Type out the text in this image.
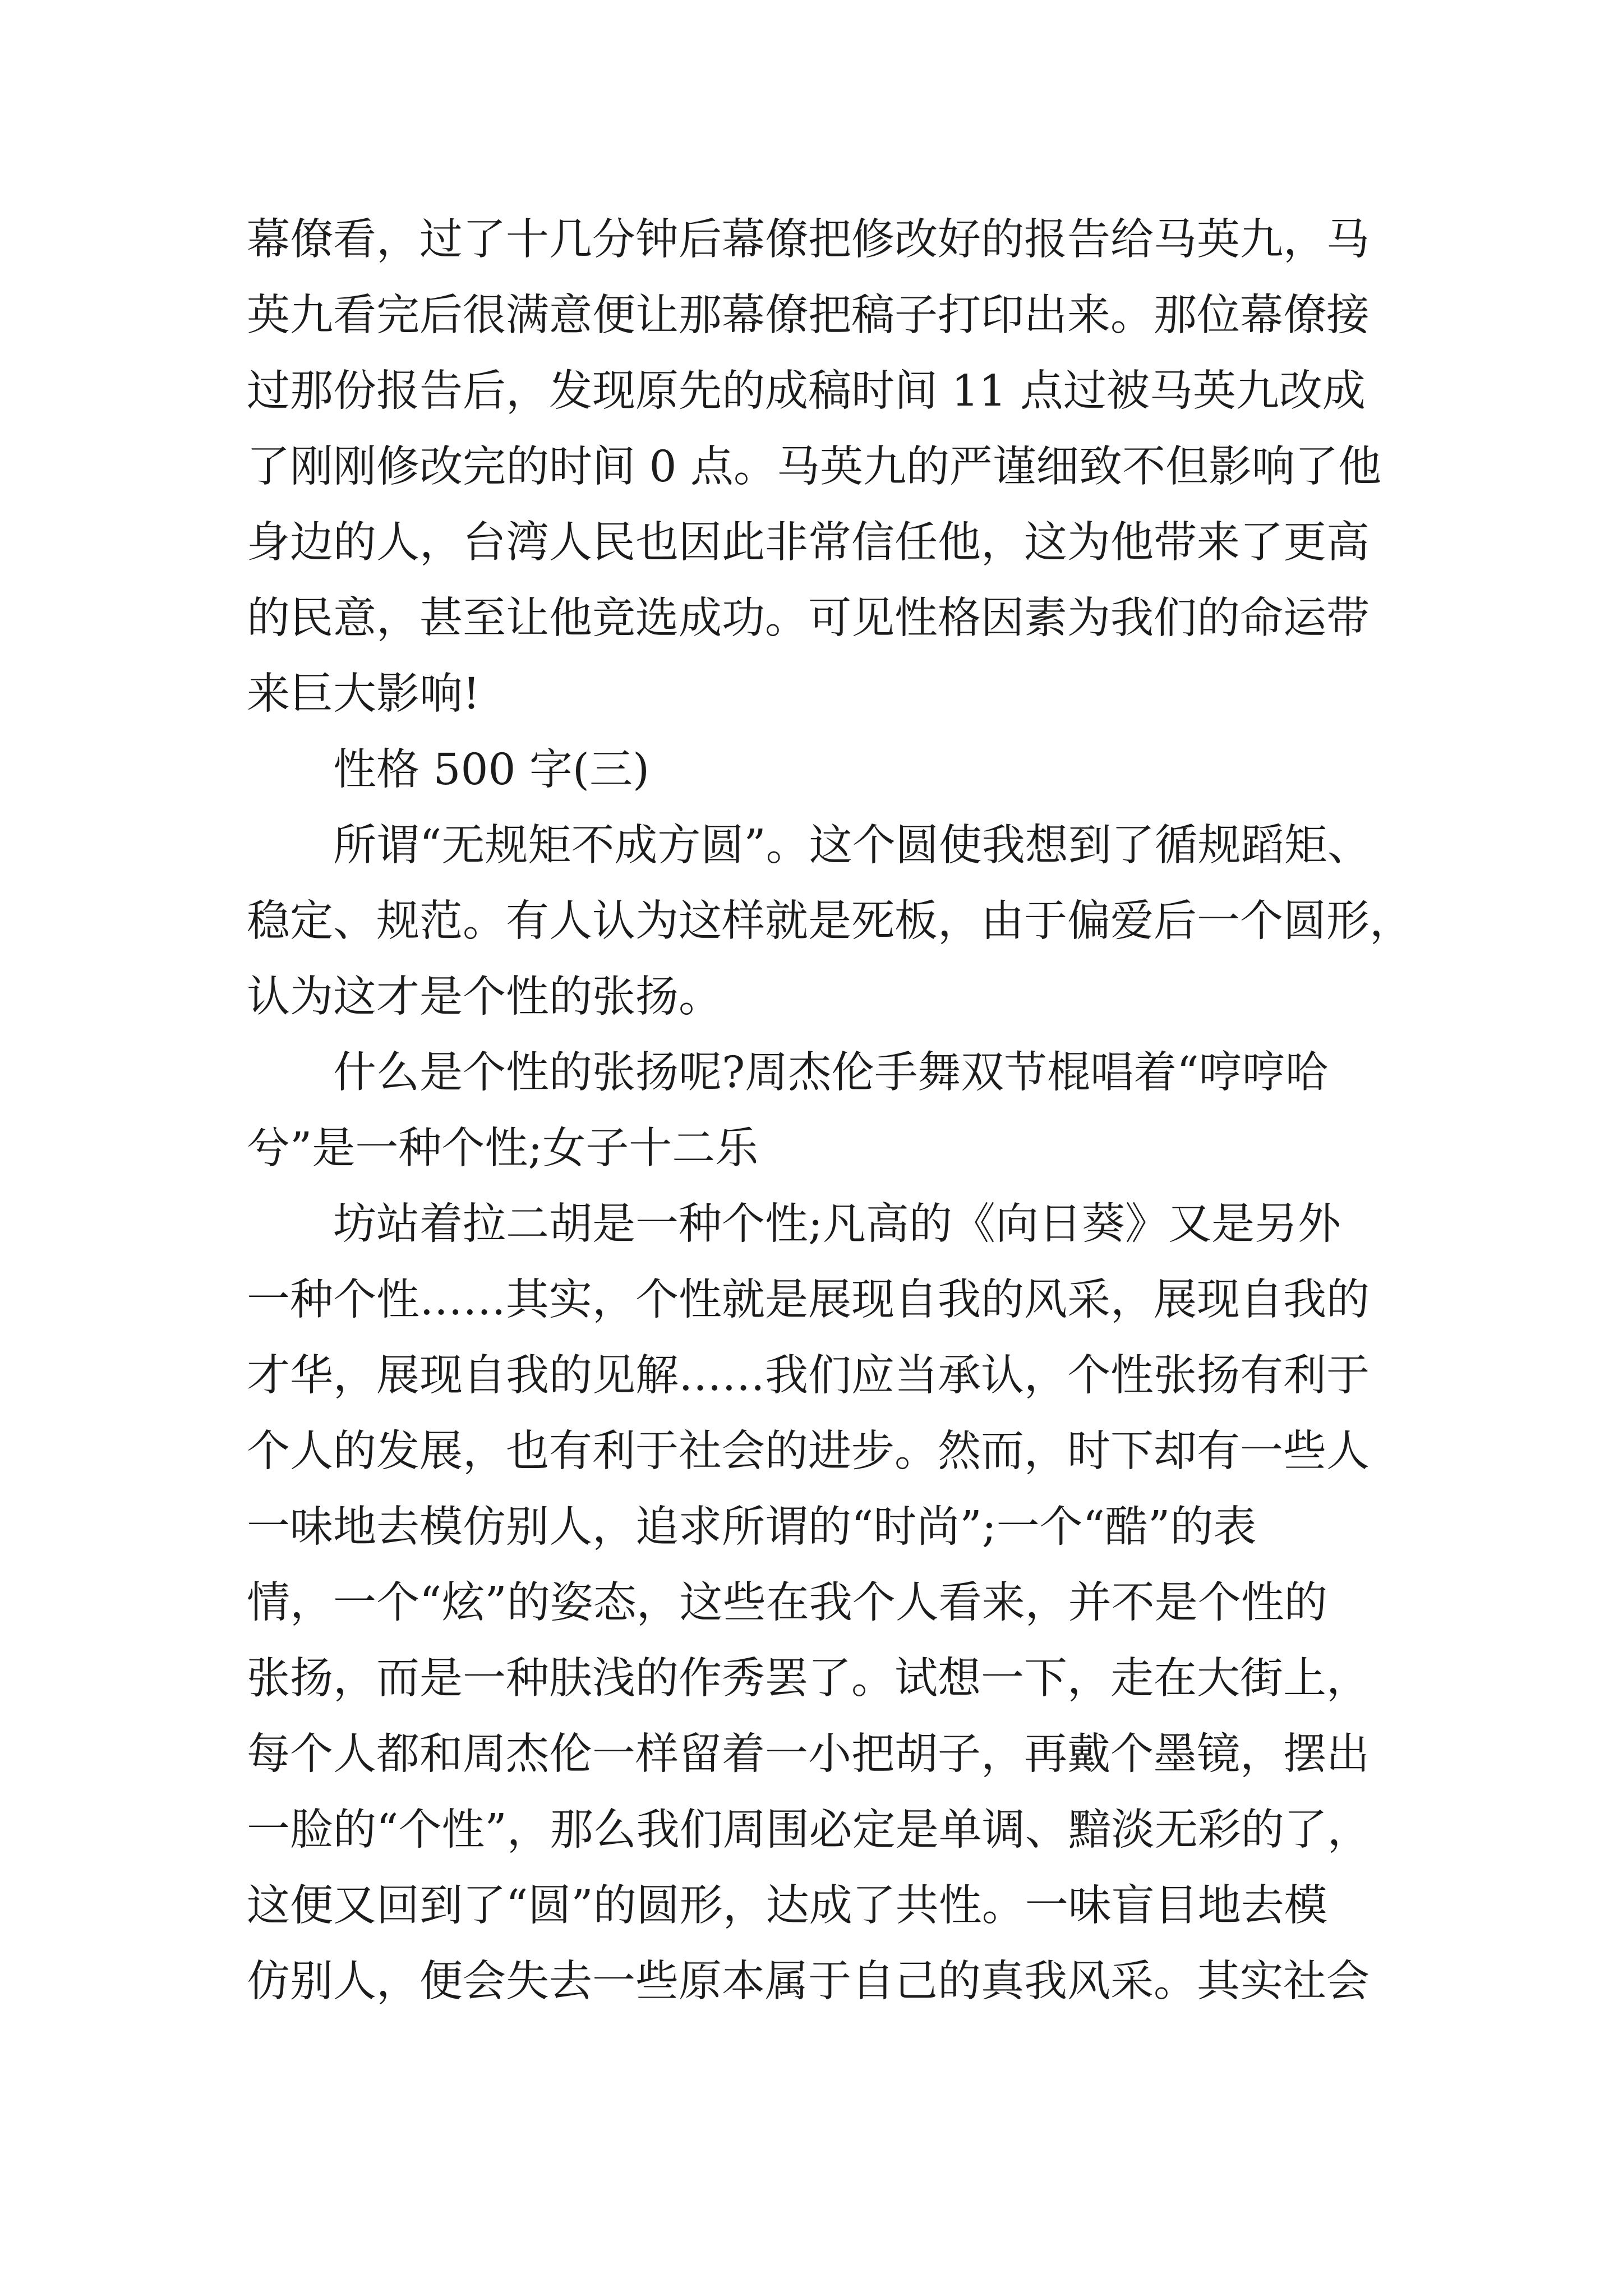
幕僚看，过了十几分钟后幕僚把修改好的报告给马英九，马
英九看完后很满意便让那幕僚把稿子打印出来。那位幕僚接
过那份报告后，发现原先的成稿时间 11 点过被马英九改成
了刚刚修改完的时间 0 点。马英九的严谨细致不但影响了他
身边的人，台湾人民也因此非常信任他，这为他带来了更高
的民意，甚至让他竞选成功。可见性格因素为我们的命运带
来巨大影响!
性格 500 字(三)
所谓“无规矩不成方圆”。这个圆使我想到了循规蹈矩、
稳定、规范。有人认为这样就是死板，由于偏爱后一个圆形，
认为这才是个性的张扬。
什么是个性的张扬呢?周杰伦手舞双节棍唱着“哼哼哈
兮”是一种个性;女子十二乐
坊站着拉二胡是一种个性;凡高的《向日葵》又是另外
一种个性……其实，个性就是展现自我的风采，展现自我的
才华，展现自我的见解……我们应当承认，个性张扬有利于
个人的发展，也有利于社会的进步。然而，时下却有一些人
一味地去模仿别人，追求所谓的“时尚”;一个“酷”的表
情，一个“炫”的姿态，这些在我个人看来，并不是个性的
张扬，而是一种肤浅的作秀罢了。试想一下，走在大街上，
每个人都和周杰伦一样留着一小把胡子，再戴个墨镜，摆出
一脸的“个性”，那么我们周围必定是单调、黯淡无彩的了，
这便又回到了“圆”的圆形，达成了共性。一味盲目地去模
仿别人，便会失去一些原本属于自己的真我风采。其实社会
